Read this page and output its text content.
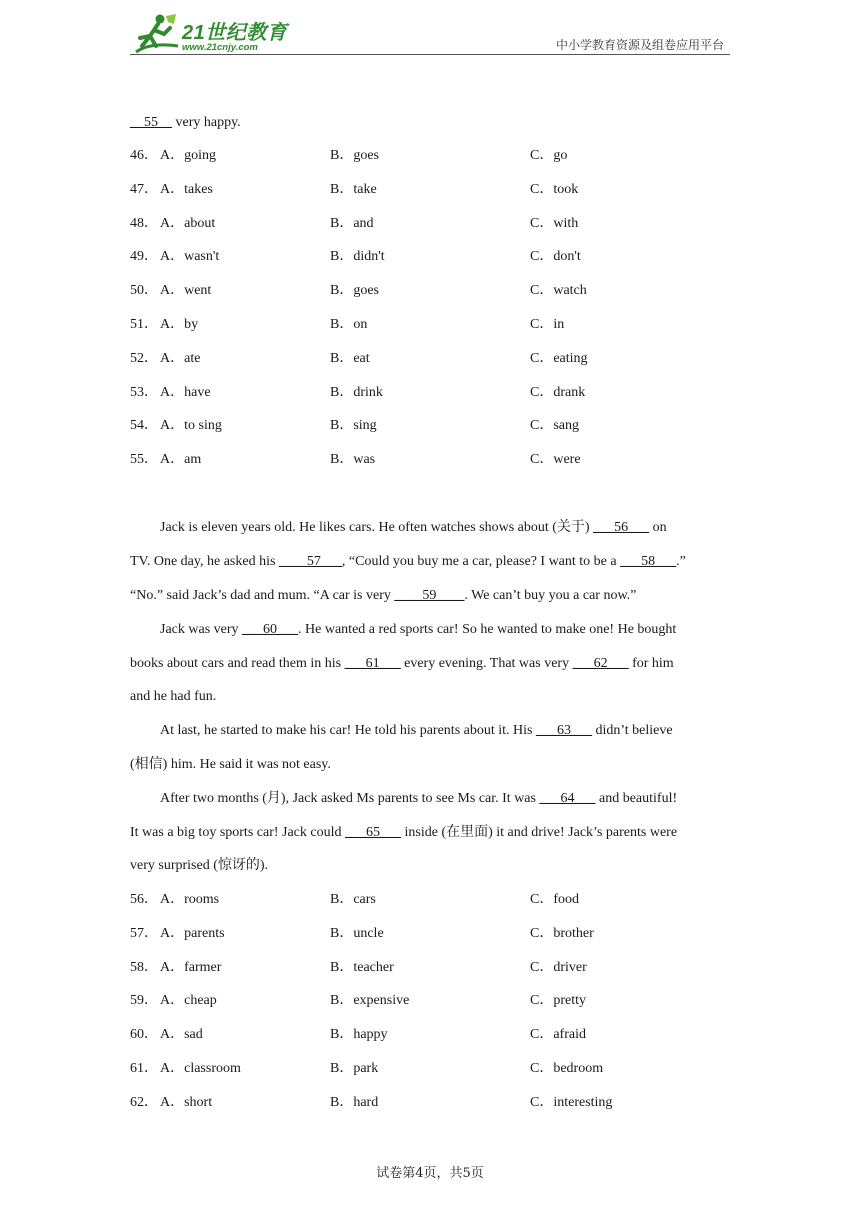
21世纪教育
www.21cnjy.com	中小学教育资源及组卷应用平台
__55__ very happy.
46． A．going	B．goes	C．go
47． A．takes	B．take	C．took
48． A．about	B．and	C．with
49． A．wasn't	B．didn't	C．don't
50． A．went	B．goes	C．watch
51． A．by	B．on	C．in
52． A．ate	B．eat	C．eating
53． A．have	B．drink	C．drank
54． A．to sing	B．sing	C．sang
55． A．am	B．was	C．were
Jack is eleven years old. He likes cars. He often watches shows about (关于) ___56___ on
TV. One day, he asked his ____57___, “Could you buy me a car, please? I want to be a ___58___.”
“No.” said Jack’s dad and mum. “A car is very ____59____. We can’t buy you a car now.”
Jack was very ___60___. He wanted a red sports car! So he wanted to make one! He bought
books about cars and read them in his ___61___ every evening. That was very ___62___ for him
and he had fun.
At last, he started to make his car! He told his parents about it. His ___63___ didn’t believe
(相信) him. He said it was not easy.
After two months (月), Jack asked Ms parents to see Ms car. It was ___64___ and beautiful!
It was a big toy sports car! Jack could ___65___ inside (在里面) it and drive! Jack’s parents were
very surprised (惊讶的).
56． A．rooms	B．cars	C．food
57． A．parents	B．uncle	C．brother
58． A．farmer	B．teacher	C．driver
59． A．cheap	B．expensive	C．pretty
60． A．sad	B．happy	C．afraid
61． A．classroom	B．park	C．bedroom
62． A．short	B．hard	C．interesting
试卷第4页，共5页
